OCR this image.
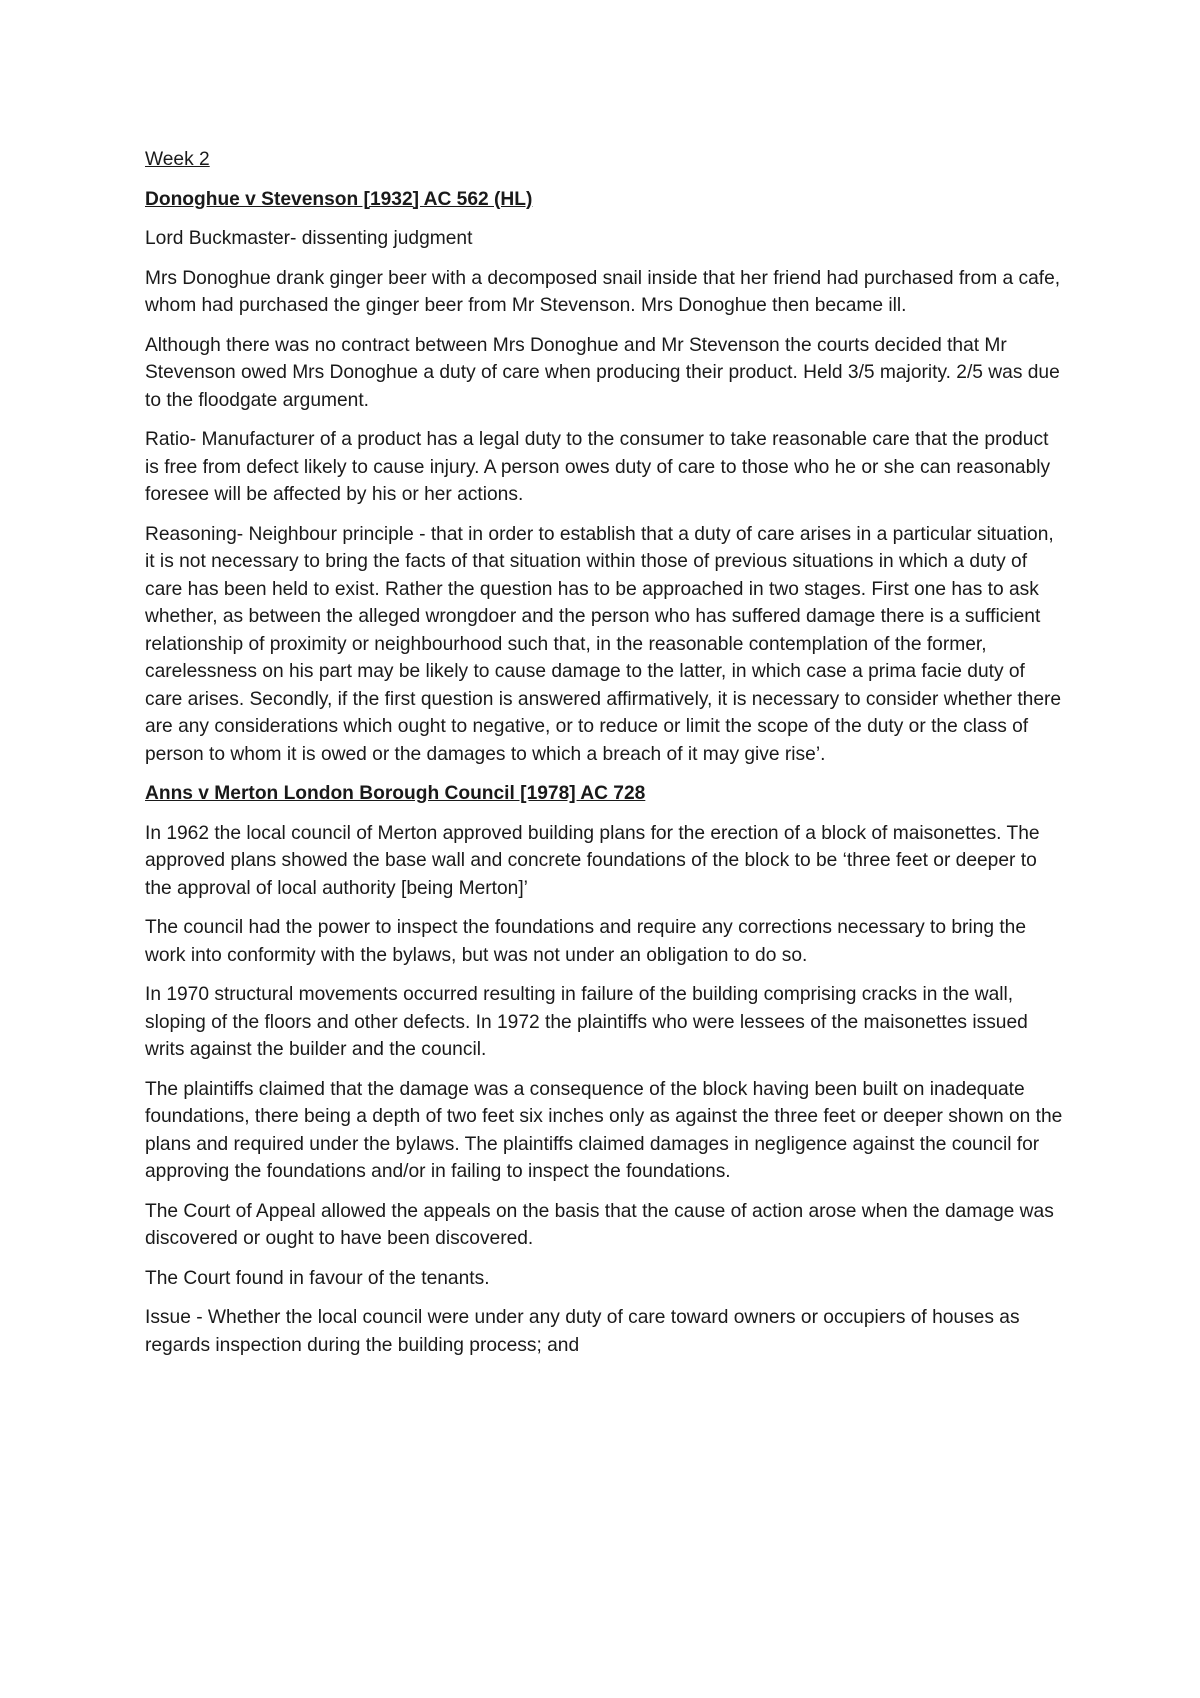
Week 2

Donoghue v Stevenson [1932] AC 562 (HL)

Lord Buckmaster- dissenting judgment

Mrs Donoghue drank ginger beer with a decomposed snail inside that her friend had purchased from a cafe, whom had purchased the ginger beer from Mr Stevenson. Mrs Donoghue then became ill.

Although there was no contract between Mrs Donoghue and Mr Stevenson the courts decided that Mr Stevenson owed Mrs Donoghue a duty of care when producing their product. Held 3/5 majority. 2/5 was due to the floodgate argument.

Ratio- Manufacturer of a product has a legal duty to the consumer to take reasonable care that the product is free from defect likely to cause injury. A person owes duty of care to those who he or she can reasonably foresee will be affected by his or her actions.

Reasoning- Neighbour principle - that in order to establish that a duty of care arises in a particular situation, it is not necessary to bring the facts of that situation within those of previous situations in which a duty of care has been held to exist. Rather the question has to be approached in two stages. First one has to ask whether, as between the alleged wrongdoer and the person who has suffered damage there is a sufficient relationship of proximity or neighbourhood such that, in the reasonable contemplation of the former, carelessness on his part may be likely to cause damage to the latter, in which case a prima facie duty of care arises. Secondly, if the first question is answered affirmatively, it is necessary to consider whether there are any considerations which ought to negative, or to reduce or limit the scope of the duty or the class of person to whom it is owed or the damages to which a breach of it may give rise’.

Anns v Merton London Borough Council [1978] AC 728

In 1962 the local council of Merton approved building plans for the erection of a block of maisonettes. The approved plans showed the base wall and concrete foundations of the block to be ‘three feet or deeper to the approval of local authority [being Merton]’

The council had the power to inspect the foundations and require any corrections necessary to bring the work into conformity with the bylaws, but was not under an obligation to do so.

In 1970 structural movements occurred resulting in failure of the building comprising cracks in the wall, sloping of the floors and other defects. In 1972 the plaintiffs who were lessees of the maisonettes issued writs against the builder and the council.

The plaintiffs claimed that the damage was a consequence of the block having been built on inadequate foundations, there being a depth of two feet six inches only as against the three feet or deeper shown on the plans and required under the bylaws. The plaintiffs claimed damages in negligence against the council for approving the foundations and/or in failing to inspect the foundations.

The Court of Appeal allowed the appeals on the basis that the cause of action arose when the damage was discovered or ought to have been discovered.

The Court found in favour of the tenants.

Issue - Whether the local council were under any duty of care toward owners or occupiers of houses as regards inspection during the building process; and
